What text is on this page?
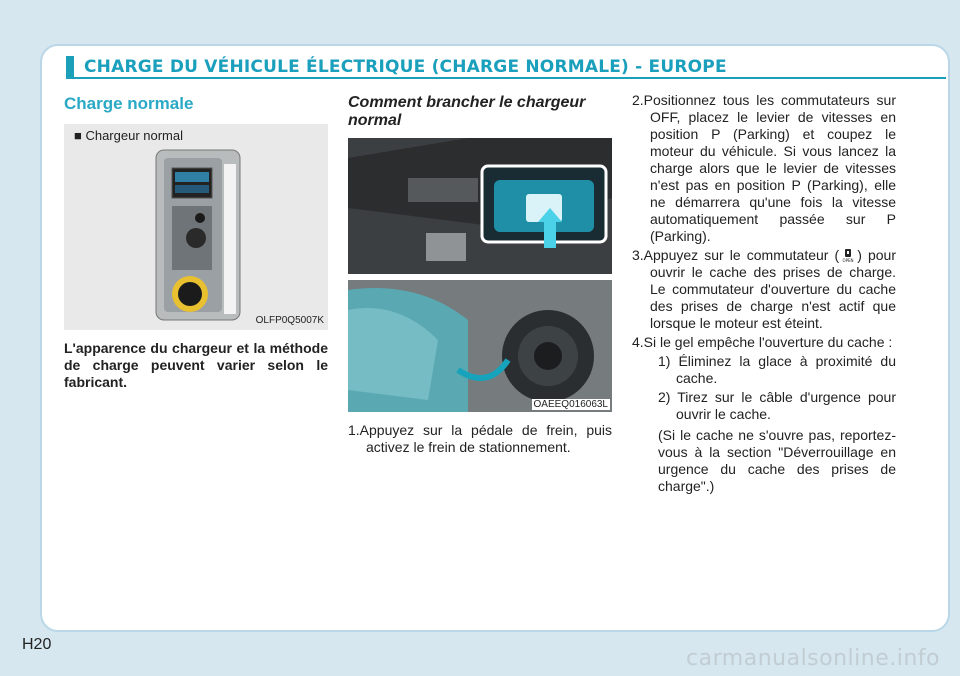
CHARGE DU VÉHICULE ÉLECTRIQUE (CHARGE NORMALE) - EUROPE
Charge normale
■ Chargeur normal
OLFP0Q5007K
L'apparence du chargeur et la méthode de charge peuvent varier selon le fabricant.
Comment brancher le chargeur normal
OAEEQ016063L

1.Appuyez sur la pédale de frein, puis activez le frein de stationnement.

2.Positionnez tous les commutateurs sur OFF, placez le levier de vitesses en position P (Parking) et coupez le moteur du véhicule. Si vous lancez la charge alors que le levier de vitesses n'est pas en position P (Parking), elle ne démarrera qu'une fois la vitesse automatiquement passée sur P (Parking).

3.Appuyez sur le commutateur ( OPEN ) pour ouvrir le cache des prises de charge. Le commutateur d'ouverture du cache des prises de charge n'est actif que lorsque le moteur est éteint.

4.Si le gel empêche l'ouverture du cache :

1) Éliminez la glace à proximité du cache.

2) Tirez sur le câble d'urgence pour ouvrir le cache.

(Si le cache ne s'ouvre pas, reportez-vous à la section "Déverrouillage en urgence du cache des prises de charge".)

H20
carmanualsonline.info
